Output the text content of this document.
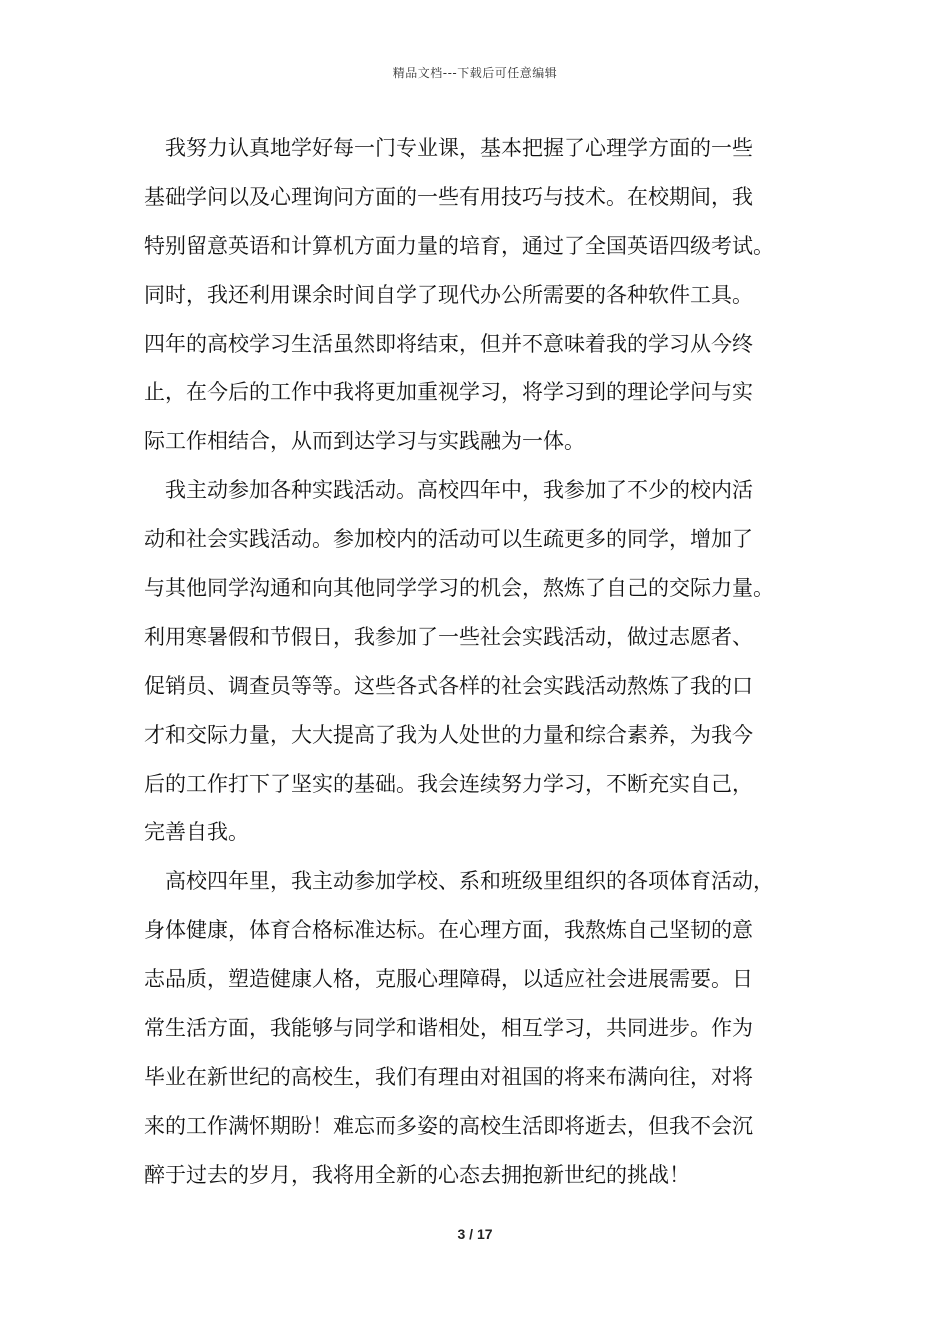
精品文档---下载后可任意编辑
　我努力认真地学好每一门专业课，基本把握了心理学方面的一些
基础学问以及心理询问方面的一些有用技巧与技术。在校期间，我
特别留意英语和计算机方面力量的培育，通过了全国英语四级考试。
同时，我还利用课余时间自学了现代办公所需要的各种软件工具。
四年的高校学习生活虽然即将结束，但并不意味着我的学习从今终
止，在今后的工作中我将更加重视学习，将学习到的理论学问与实
际工作相结合，从而到达学习与实践融为一体。
　我主动参加各种实践活动。高校四年中，我参加了不少的校内活
动和社会实践活动。参加校内的活动可以生疏更多的同学，增加了
与其他同学沟通和向其他同学学习的机会，熬炼了自己的交际力量。
利用寒暑假和节假日，我参加了一些社会实践活动，做过志愿者、
促销员、调查员等等。这些各式各样的社会实践活动熬炼了我的口
才和交际力量，大大提高了我为人处世的力量和综合素养，为我今
后的工作打下了坚实的基础。我会连续努力学习，不断充实自己，
完善自我。
　高校四年里，我主动参加学校、系和班级里组织的各项体育活动，
身体健康，体育合格标准达标。在心理方面，我熬炼自己坚韧的意
志品质，塑造健康人格，克服心理障碍，以适应社会进展需要。日
常生活方面，我能够与同学和谐相处，相互学习，共同进步。作为
毕业在新世纪的高校生，我们有理由对祖国的将来布满向往，对将
来的工作满怀期盼！难忘而多姿的高校生活即将逝去，但我不会沉
醉于过去的岁月，我将用全新的心态去拥抱新世纪的挑战！
3 / 17
